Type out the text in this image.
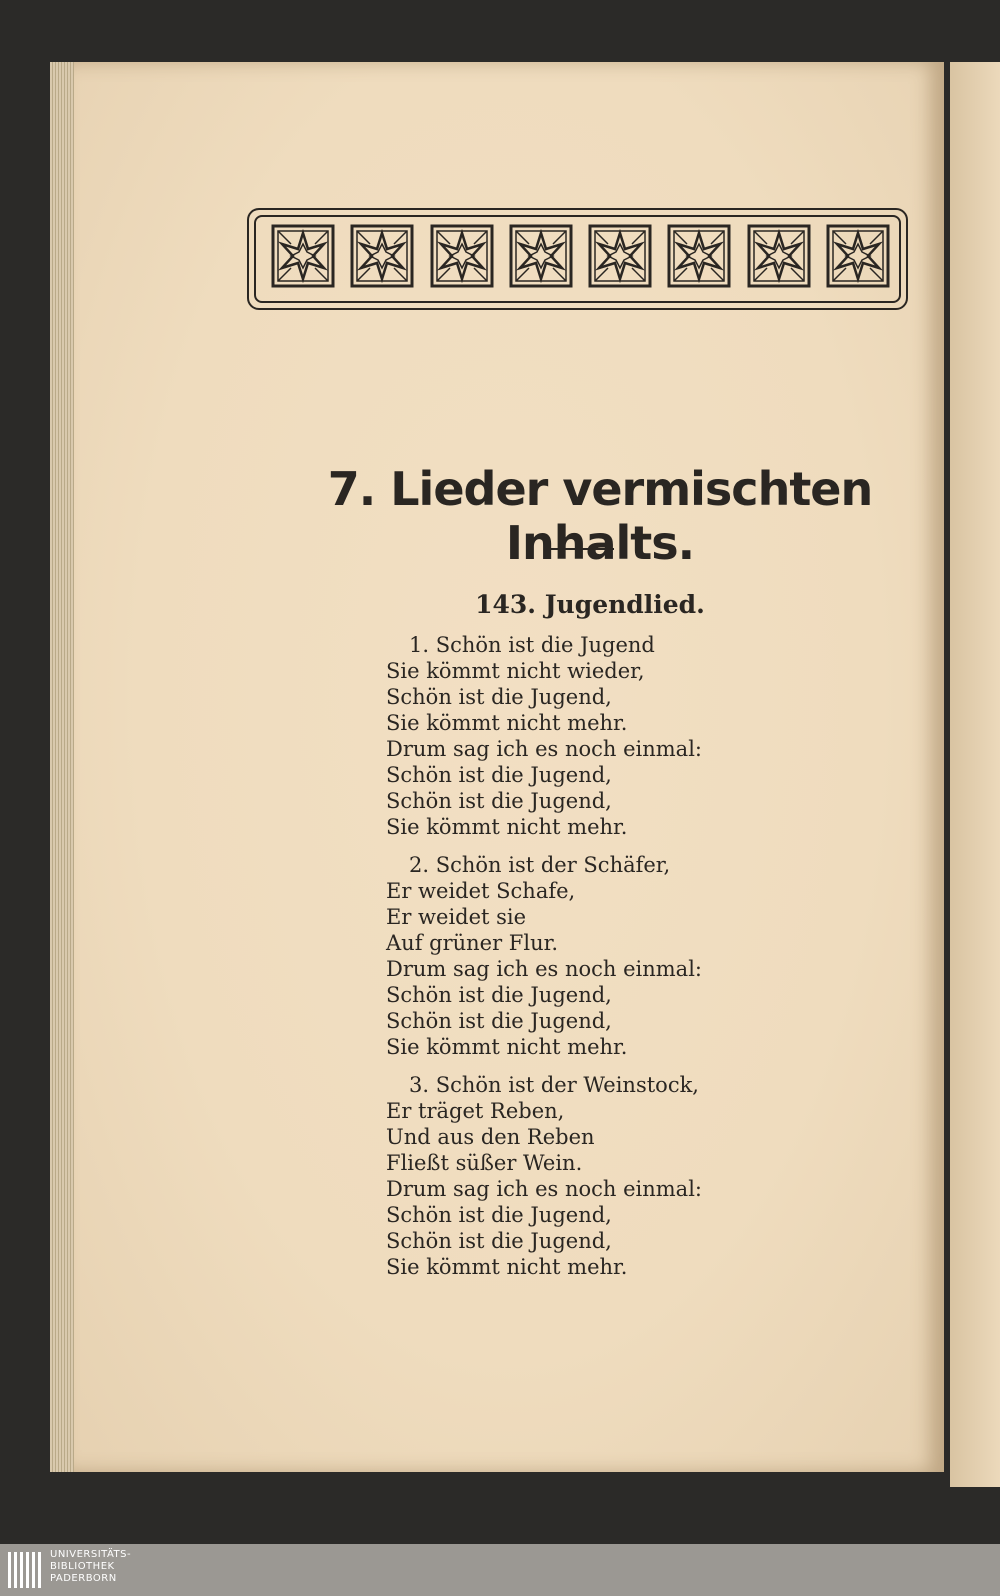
7. Lieder vermischten Inhalts.
143. Jugendlied.
1. Schön ist die Jugend
Sie kömmt nicht wieder,
Schön ist die Jugend,
Sie kömmt nicht mehr.
Drum sag ich es noch einmal:
Schön ist die Jugend,
Schön ist die Jugend,
Sie kömmt nicht mehr.
2. Schön ist der Schäfer,
Er weidet Schafe,
Er weidet sie
Auf grüner Flur.
Drum sag ich es noch einmal:
Schön ist die Jugend,
Schön ist die Jugend,
Sie kömmt nicht mehr.
3. Schön ist der Weinstock,
Er träget Reben,
Und aus den Reben
Fließt süßer Wein.
Drum sag ich es noch einmal:
Schön ist die Jugend,
Schön ist die Jugend,
Sie kömmt nicht mehr.
UNIVERSITÄTS-
BIBLIOTHEK
PADERBORN
